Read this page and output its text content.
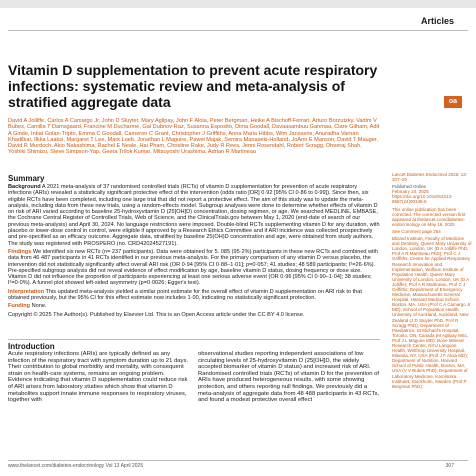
Articles
Vitamin D supplementation to prevent acute respiratory infections: systematic review and meta-analysis of stratified aggregate data	oa

David A Jolliffe, Carlos A Camargo Jr, John D Sluyter, Mary Aglipay, John F Aloia, Peter Bergman, Heike A Bischoff-Ferrari, Arturo Borzutzky, Vadim V Bubes, Camilla T Damsgaard, Francine M Ducharme, Gal Dubnov-Raz, Susanna Esposito, Dima Goodall, Davaasambuu Ganmaa, Clare Gilham, Adit A Ginde, Inbal Golan-Tripto, Emma C Goodall, Cameron C Grant, Christopher J Griffiths, Anna Maria Hibbs, Wim Janssens, Anuradha Varnan Khadilkar, Ilkka Laaksi, Margaret T Lee, Mark Loeb, Jonathan L Maguire, Paweł Majak, Semira Manaseki-Holland, JoAnn E Manson, David T Mauger, David R Murdoch, Akio Nakashima, Rachel E Neale, Hai Pham, Christine Rake, Judy R Rees, Jenni Rosendahl, Robert Scragg, Dheeraj Shah, Yoshiki Shimizu, Steve Simpson-Yap, Geeta Trilok Kumar, Mitsuyoshi Urashima, Adrian R Martineau

Summary

Background A 2021 meta-analysis of 37 randomised controlled trials (RCTs) of vitamin D supplementation for prevention of acute respiratory infections (ARIs) revealed a statistically significant protective effect of the intervention (odds ratio [OR] 0·92 [95% CI 0·86 to 0·99]). Since then, six eligible RCTs have been completed, including one large trial that did not report a protective effect. The aim of this study was to update the meta-analysis, including data from these new trials, using a random-effects model. Subgroup analyses were done to determine whether effects of vitamin D on risk of ARI varied according to baseline 25-hydroxyvitamin D (25[OH]D) concentration, dosing regimen, or age. We searched MEDLINE, EMBASE, the Cochrane Central Register of Controlled Trials, Web of Science, and the ClinicalTrials.gov between May 1, 2020 (end-date of search of our previous meta-analysis) and April 30, 2024. No language restrictions were imposed. Double-blind RCTs supplementing vitamin D for any duration, with placebo or lower-dose control in control, were eligible if approved by a Research Ethics Committee and if ARI incidence was collected prospectively and pre-specified as an efficacy outcome. Aggregate data, stratified by baseline 25(OH)D concentration and age, were obtained from study authors. The study was registered with PROSPERO (no. CRD42024527191).

Findings We identified six new RCTs (n= 237 participants). Data were obtained for 5. 085 (95·2%) participants in these new RCTs and combined with data from 46 487 participants in 41 RCTs identified in our previous meta-analysis. For the primary comparison of any vitamin D versus placebo, the intervention did not statistically significantly affect overall ARI risk (OR 0·94 [95% CI 0·88–1·01]; p=0·057; 41 studies; 48 589 participants; I²=26·6%). Pre-specified subgroup analysis did not reveal evidence of effect modification by age, baseline vitamin D status, dosing frequency or dose size. Vitamin D did not influence the proportion of participants experiencing at least one serious adverse event (OR 0·96 [95% CI 0·90–1·04]; 38 studies; I²=0·0%). A funnel plot showed left-sided asymmetry (p=0·0026; Egger's test).

Interpretation This updated meta-analysis yielded a similar point estimate for the overall effect of vitamin D supplementation on ARI risk to that obtained previously, but the 95% CI for this effect estimate now includes 1·00, indicating no statistically significant protection.

Funding None.

Copyright © 2025 The Author(s). Published by Elsevier Ltd. This is an Open Access article under the CC BY 4.0 license.

Introduction

Acute respiratory infections (ARIs) are typically defined as any infection of the respiratory tract with symptom duration up to 21 days. Their contribution to global morbidity and mortality, with consequent strain on health-care systems, remains an ongoing problem. Evidence indicating that vitamin D supplementation could reduce risk of ARI arises from laboratory studies which show that vitamin D metabolites support innate immune responses to respiratory viruses, together with

observational studies reporting independent associations of low circulating levels of 25-hydroxyvitamin D (25[OH]D, the widely accepted biomarker of vitamin D status) and increased risk of ARI. Randomised controlled trials (RCTs) of vitamin D for the prevention of ARIs have produced heterogeneous results, with some showing protection, and others reporting null findings. We previously did a meta-analysis of aggregate data from 48 488 participants in 43 RCTs, and found a modest protective overall effect

Lancet Diabetes Endocrinol 2025; 13: 307–20

Published Online
February 24, 2025
https://doi.org/10.1016/S2213-8587(24)00348-6

This online publication has been corrected. The corrected version first appeared at thelancet.com/diabetes-endocrinology on May 16, 2025

See Comment page 264

Blizard Institute, Faculty of Medicine and Dentistry, Queen Mary University of London, London, UK (D A Jolliffe PhD, Prof A R Martineau PhD); Prof C J Griffiths; Centre for Applied Respiratory Research Innovation and Implementation, Wolfson Institute of Population Health, Queen Mary University of London, London, UK (D A Jolliffe); Prof A R Martineau, Prof C J Griffiths; Department of Emergency Medicine, Massachusetts General Hospital, Harvard Medical School, Boston, MA, USA (Prof C A Camargo Jr MD); School of Population Health, University of Auckland, Auckland, New Zealand (J D Sluyter PhD, Prof R Scragg PhD); Department of Paediatrics, St Michael's Hospital, Toronto, ON, Canada (M Aglipay MSc, Prof J L Maguire MD); Bone Mineral Research Center, NYU Langone Health, Winthrop University Hospital, Mineola, NY, USA (Prof J F Aloia MD); Department of Nutrition, Harvard School of Public Health, Boston, MA, USA (V V Bubes PhD); Department of Laboratory Medicine, Karolinska Institutet, Stockholm, Sweden (Prof P Bergman PhD);

www.thelancet.com/diabetes-endocrinology Vol 13 April 2025	307
